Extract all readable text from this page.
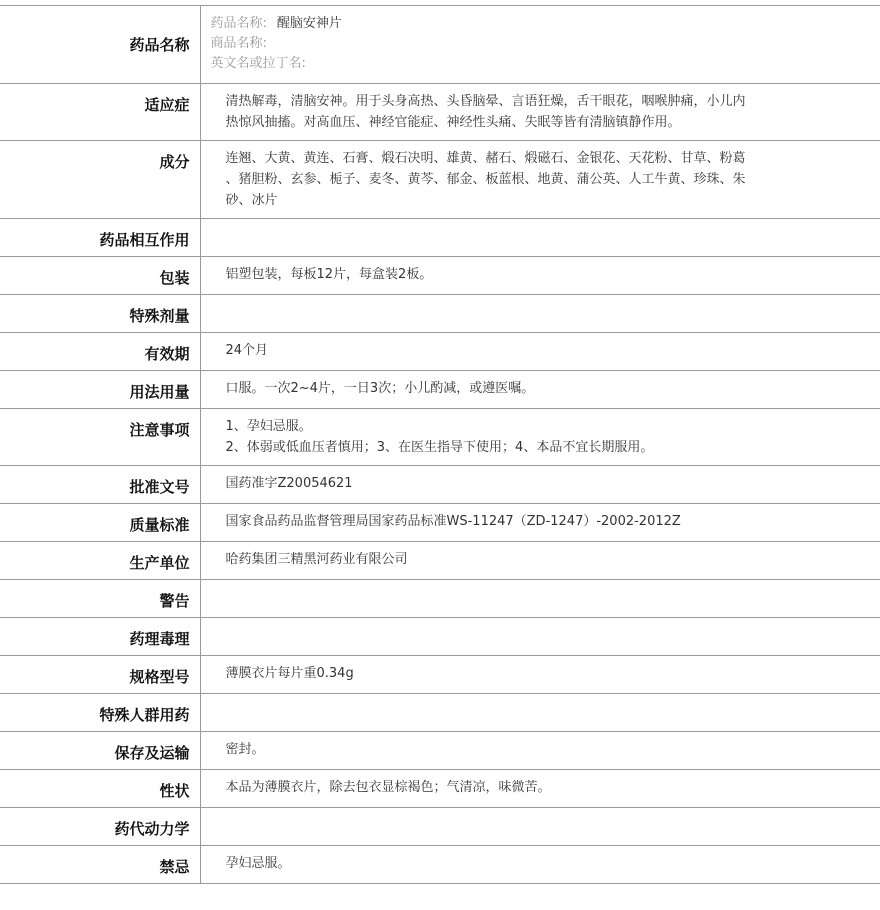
药品名称	药品名称: 醒脑安神片
商品名称:
英文名或拉丁名:

适应症	清热解毒，清脑安神。用于头身高热、头昏脑晕、言语狂燥，舌干眼花，咽喉肿痛，小儿内
热惊风抽搐。对高血压、神经官能症、神经性头痛、失眠等皆有清脑镇静作用。

成分	连翘、大黄、黄连、石膏、煅石决明、雄黄、赭石、煅磁石、金银花、天花粉、甘草、粉葛
、猪胆粉、玄参、栀子、麦冬、黄芩、郁金、板蓝根、地黄、蒲公英、人工牛黄、珍珠、朱
砂、冰片

药品相互作用	
包装	铝塑包装，每板12片，每盒装2板。

特殊剂量	
有效期	24个月

用法用量	口服。一次2~4片，一日3次；小儿酌减，或遵医嘱。

注意事项	1、孕妇忌服。
2、体弱或低血压者慎用；3、在医生指导下使用；4、本品不宜长期服用。

批准文号	国药准字Z20054621

质量标准	国家食品药品监督管理局国家药品标准WS-11247（ZD-1247）-2002-2012Z

生产单位	哈药集团三精黑河药业有限公司

警告	
药理毒理	
规格型号	薄膜衣片每片重0.34g

特殊人群用药	
保存及运输	密封。

性状	本品为薄膜衣片，除去包衣显棕褐色；气清凉，味微苦。

药代动力学	
禁忌	孕妇忌服。
